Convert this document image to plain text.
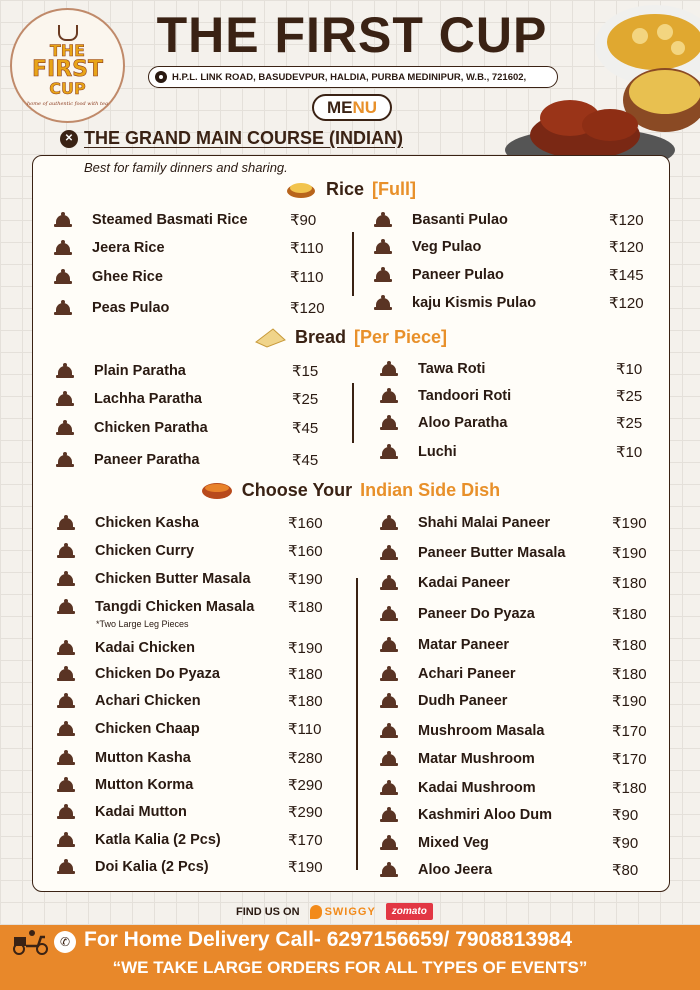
THE
FIRST
CUP
home of authentic food with tea
THE FIRST CUP
H.P.L. LINK ROAD, BASUDEVPUR, HALDIA, PURBA MEDINIPUR, W.B., 721602,
MENU
✕ THE GRAND MAIN COURSE (INDIAN)
Best for family dinners and sharing.
Rice [Full]
Bread [Per Piece]
Choose Your Indian Side Dish
*Two Large Leg Pieces
Steamed Basmati Rice	₹90
Jeera Rice	₹110
Ghee Rice	₹110
Peas Pulao	₹120
Basanti Pulao	₹120
Veg Pulao	₹120
Paneer Pulao	₹145
kaju Kismis Pulao	₹120
Plain Paratha	₹15
Lachha Paratha	₹25
Chicken Paratha	₹45
Paneer Paratha	₹45
Tawa Roti	₹10
Tandoori Roti	₹25
Aloo Paratha	₹25
Luchi	₹10
Chicken Kasha	₹160
Chicken Curry	₹160
Chicken Butter Masala ₹190
Tangdi Chicken Masala ₹180
Kadai Chicken	₹190
Chicken Do Pyaza	₹180
Achari Chicken	₹180
Chicken Chaap	₹110
Mutton Kasha	₹280
Mutton Korma	₹290
Kadai Mutton	₹290
Katla Kalia (2 Pcs)	₹170
Doi Kalia (2 Pcs)	₹190
Shahi Malai Paneer	₹190
Paneer Butter Masala	₹190
Kadai Paneer	₹180
Paneer Do Pyaza	₹180
Matar Paneer	₹180
Achari Paneer	₹180
Dudh Paneer	₹190
Mushroom Masala	₹170
Matar Mushroom	₹170
Kadai Mushroom	₹180
Kashmiri Aloo Dum	₹90
Mixed Veg	₹90
Aloo Jeera	₹80
FIND US ON SWIGGY	zomato
✆ For Home Delivery Call- 6297156659/ 7908813984
“WE TAKE LARGE ORDERS FOR ALL TYPES OF EVENTS”
